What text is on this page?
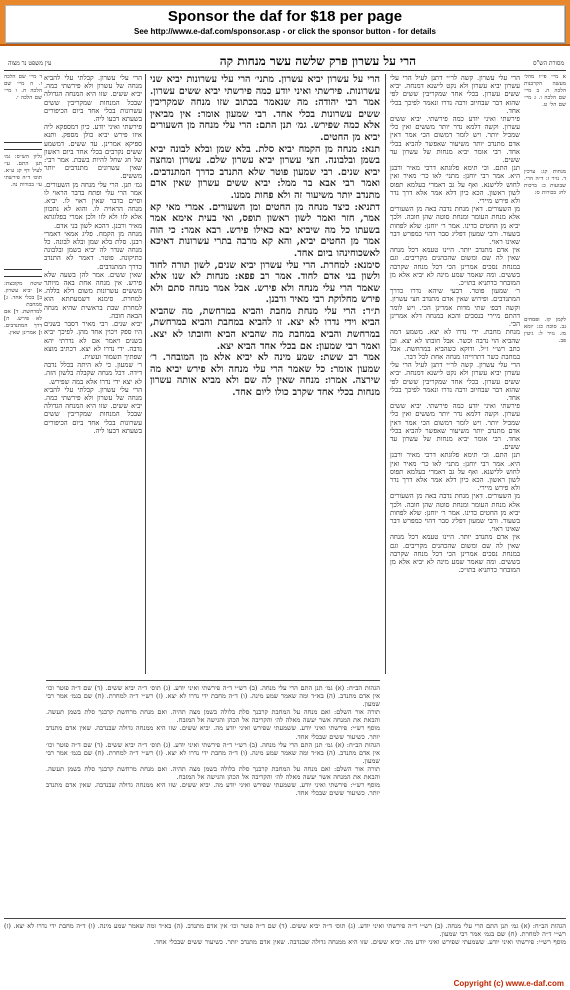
Sponsor the daf for $18 per page
See http://www.e-daf.com/sponsor.asp - or click the sponsor button - for details
הרי על עשרון פרק שלשה עשר מנחות קה	מסורת הש"ס
עין משפט נר מצוה

א מיי׳ פי״ז מהל׳ מעשה הקרבנות הלכה ה. ב מיי׳ שם הלכה ו. ג מיי׳ שם הל׳ ט.

מנחות קג: ערכין ד. נזיר ז: ד״ה הרי. שבועות כ: ברכות לח: בכורות ס:

לקמן קז. ופסחים נב. סוכה כג: יומא מז. נזיר ל: גיטין פב.

הרי עלי עשרון. קשה לר״י דתנן לעיל הרי עלי עשרון יביא עשרון ולא נקט לישנא דמנחה. יביא ששים עשרון. בכלי אחד שמקריבין ששים לפי שהוא דבר שבחיוב ורבה נדרו ונאמר לפיכך בכלי אחד.

פירשתי ואיני יודע כמה פירשתי. יביא ששים עשרון. וקשה דלמא נדר יותר מששים ואין כלי שמכיל יותר. ויש לומר דמשום הכי אמר דאין אדם מתנדב יותר משיעור שאפשר להביא בכלי אחד. רבי אומר יביא מנחות של עשרון עד ששים.

תנן התם. וכי תימא פלוגתא דרבי מאיר ורבנן היא. אמר רבי יוחנן: מתני׳ לאו כר׳ מאיר ואין לחוש ללישנא. ואף על גב דאמרי בעלמא תפוס לשון ראשון. הכא כיון דלא אמר אלא דרך נדר ולא פירש מיירי.

מן השעורים. דאין מנחת נדבה באה מן השעורים אלא מנחת העומר ומנחת סוטה שהן חובה. ולכך יביא מן החטים כדינו. אמר ר׳ יוחנן: שלא לפחות בשעור. ורבי שמעון דפליג סבר דהוי כמפרש דבר שאינו ראוי.

אין אדם מתנדב יותר. היינו טעמא דכל מנחה שאין לה שם ומשום שהכהנים מקריבים. וגם במנחת נסכים אמרינן הכי דכל מנחה שקרבה בששים. ומה שאמר שמע מינה לא יביא אלא מן המובחר כדתניא בתו״כ.

ר׳ שמעון פוטר. דבעי שיהא נדרו כדרך המתנדבים. ופירוש שאין אדם מתנדב חצי עשרון. וקשה דבפ׳ שתי מדות אמרינן הכי. ויש לומר דהתם מיירי בנסכים והכא במנחה דלא אמרינן הכי.

מנחת מחבת. ידי נדרו לא יצא. משמע דמה שהביא הוי נדבה וכשר. אבל חובתו לא יצא. וכן כתב רש״י ז״ל. ודוקא כשהביא במרחשת. אבל במחבת כשר דתרוייהו מנחה אחת לכל דבר.

הרי עלי עשרון. קשה לר״י דתנן לעיל הרי עלי עשרון יביא עשרון ולא נקט לישנא דמנחה. יביא ששים עשרון. בכלי אחד שמקריבין ששים לפי שהוא דבר שבחיוב ורבה נדרו ונאמר לפיכך בכלי אחד.

פירשתי ואיני יודע כמה פירשתי. יביא ששים עשרון. וקשה דלמא נדר יותר מששים ואין כלי שמכיל יותר. ויש לומר דמשום הכי אמר דאין אדם מתנדב יותר משיעור שאפשר להביא בכלי אחד. רבי אומר יביא מנחות של עשרון עד ששים.

תנן התם. וכי תימא פלוגתא דרבי מאיר ורבנן היא. אמר רבי יוחנן: מתני׳ לאו כר׳ מאיר ואין לחוש ללישנא. ואף על גב דאמרי בעלמא תפוס לשון ראשון. הכא כיון דלא אמר אלא דרך נדר ולא פירש מיירי.

מן השעורים. דאין מנחת נדבה באה מן השעורים אלא מנחת העומר ומנחת סוטה שהן חובה. ולכך יביא מן החטים כדינו. אמר ר׳ יוחנן: שלא לפחות בשעור. ורבי שמעון דפליג סבר דהוי כמפרש דבר שאינו ראוי.

אין אדם מתנדב יותר. היינו טעמא דכל מנחה שאין לה שם ומשום שהכהנים מקריבים. וגם במנחת נסכים אמרינן הכי דכל מנחה שקרבה בששים. ומה שאמר שמע מינה לא יביא אלא מן המובחר כדתניא בתו״כ.

הרי על עשרון יביא עשרון. מתני׳ הרי עלי עשרונות יביא שני עשרונות. פירשתי ואיני יודע כמה פירשתי יביא ששים עשרון. אמר רבי יהודה: מה שנאמר בכתוב שזו מנחה שמקריבין ששים עשרונות בכלי אחד. רבי שמעון אומר: אין מביאין אלא כמה שפירש. גמ׳ תנן התם: הרי עלי מנחה מן השעורים יביא מן החטים.

תנא: מנחה מן הקמח יביא סלת. בלא שמן ובלא לבונה יביא בשמן ובלבונה. חצי עשרון יביא עשרון שלם. עשרון ומחצה יביא שנים. רבי שמעון פוטר שלא התנדב כדרך המתנדבים. ואמר רבי אבא בר ממל: יביא ששים עשרון שאין אדם מתנדב יותר משיעור זה ולא פחות ממנו.

דתניא: כיצד מנחה מן החטים ומן השעורים. אמרי מאי קא אמר, חזר ואמר לשון ראשון תופס, ואי בעית אימא אמר בשעתו כל מה שיביא יבא כאילו פירש. רבא אמר: כי הוה אמר מן החטים יביא, והא קא מרבה בתרי עשרונות דאיכא לאשכוחינהו ביום אחד.

סימנא: למחרת. הרי עלי עשרון יביא שנים, לשון תורה לחוד ולשון בני אדם לחוד. אמר רב פפא: מנחות לא שנו אלא שאמר הרי עלי מנחה ולא פירש. אבל אמר מנחה סתם ולא פירש מחלוקת רבי מאיר ורבנן.

ת״ר: הרי עלי מנחת מחבת והביא במרחשת, מה שהביא הביא וידי נדרו לא יצא. זו להביא במחבת והביא במרחשת, במרחשת והביא במחבת מה שהביא הביא וחובתו לא יצא. ואמר רבי שמעון: אם בכלי אחד הביא יצא.

אמר רב ששת: שמע מינה לא יביא אלא מן המובחר. ר׳ שמעון אומר: כל שאמר הרי עלי מנחה ולא פירש יביא מה שירצה. אמרו: מנחה שאין לה שם ולא מביא אותה עשרון מנחות בכלי אחד שקרב כולו ליום אחד.

הרי עלי עשרון. קבלתי עלי להביא מנחה של עשרון ולא פירשתי כמה. יביא ששים. שזו היא המנחה הגדולה שבכל המנחות שמקריבין ששים עשרונות בכלי אחד ביום הכיפורים בשעתא דבעו ליה.

פירשתי ואיני יודע. כיון דמספקא ליה איזו פירש יביא כולן מספק. ותנא ספיקא אמרינן. עד ששים. דמשמע ששים נקרבים בכלי אחד ביום ראשון של חג שחל להיות בשבת. אמר רבי: שאין עשרונים מתנדבים יותר מששים.

גמ׳ תנן. הרי עלי מנחה מן השעורים. אמר הרי עלי ופתח בדבר הראוי לו וסיים בדבר שאין ראוי לו. יביא. מנחה הראויה לו. והוא לא נתכוון אלא לזו ולא לזו ולכן אמרי בפלוגתא מאיר ורבנן. דהכא לשון בני אדם.

מנחה מן הקמח. פליג אמאי דאמרי רבנן. סלת בלא שמן ובלא לבונה. כל מנחה שנדר לה יביא בשמן ובלבונה כתיקונה. פוטר. דאמר לא התנדב כדרך המתנדבים.

שאין ששים. אמר להן בשעה שלא פירש. אין מנחה אחת באה מיותר מששים עשרונות משום דלא בללה. למחרת. סימנא דשמעתתא הוא למחרת שבת בראשית שהיא מנחה הבאה חובה.

יביא שנים. רבי מאיר דסבר בשנים היו ספק ויכוין אחד מהן. לפיכך יביא בשנים ויאמר אם לא נדרתי יהא נדבה. ידי נדרו לא יצא. דכתיב מוצא שפתיך תשמור ועשית.

ר׳ שמעון. כי לא היתה בכלל נדבה דידה. דכל מנחה שקבלה בלשון הזה. לא יצא ידי נדרו אלא במה שפירש.

הרי עלי עשרון. קבלתי עלי להביא מנחה של עשרון ולא פירשתי כמה. יביא ששים. שזו היא המנחה הגדולה שבכל המנחות שמקריבין ששים עשרונות בכלי אחד ביום הכיפורים בשעתא דבעו ליה.

ד מיי׳ שם הלכה ז. ה מיי׳ שם הלכה ח. ו מיי׳ שם הלכה י.

גליון הש״ס: גמ׳ תנן התם. עי׳ לעיל דף קג ע״א. תוס׳ ד״ה פירשתי עי׳ בכורות נה.

שיטה מקובצת: א] יביא עשרון. ב] בכלי אחד. ג] ממחבת למרחשת. ד] אם לא פירש. ה] דרך המתנדבים. ו] אמרינן שאין.

הגהות הב״ח: (א) גמ׳ תנן התם הרי עלי מנחה. (ב) רש״י ד״ה פירשתי ואיני יודע. (ג) תוס׳ ד״ה יביא ששים. (ד) שם ד״ה פוטר וכו׳ אין אדם מתנדב. (ה) בא״ד ומה שאמר שמע מינה. (ו) ד״ה מחבת ידי נדרו לא יצא. (ז) רש״י ד״ה למחרת. (ח) שם בגמ׳ אמר רבי שמעון.

תורה אור השלם: ואם מנחה על המחבת קרבנך סלת בלולה בשמן מצה תהיה. ואם מנחת מרחשת קרבנך סלת בשמן תעשה. והבאת את המנחה אשר יעשה מאלה לה׳ והקריבה אל הכהן והגישה אל המזבח.

מוסף רש״י: פירשתי ואיני יודע. ששמעתי שפירש ואיני יודע מה. יביא ששים. שזו היא ממנחה גדולה שבנדבה. שאין אדם מתנדב יותר. כשיעור ששים שבכלי אחד.

הגהות הב״ח: (א) גמ׳ תנן התם הרי עלי מנחה. (ב) רש״י ד״ה פירשתי ואיני יודע. (ג) תוס׳ ד״ה יביא ששים. (ד) שם ד״ה פוטר וכו׳ אין אדם מתנדב. (ה) בא״ד ומה שאמר שמע מינה. (ו) ד״ה מחבת ידי נדרו לא יצא. (ז) רש״י ד״ה למחרת. (ח) שם בגמ׳ אמר רבי שמעון.

תורה אור השלם: ואם מנחה על המחבת קרבנך סלת בלולה בשמן מצה תהיה. ואם מנחת מרחשת קרבנך סלת בשמן תעשה. והבאת את המנחה אשר יעשה מאלה לה׳ והקריבה אל הכהן והגישה אל המזבח.

מוסף רש״י: פירשתי ואיני יודע. ששמעתי שפירש ואיני יודע מה. יביא ששים. שזו היא ממנחה גדולה שבנדבה. שאין אדם מתנדב יותר. כשיעור ששים שבכלי אחד.

הגהות הב״ח: (א) גמ׳ תנן התם הרי עלי מנחה. (ב) רש״י ד״ה פירשתי ואיני יודע. (ג) תוס׳ ד״ה יביא ששים. (ד) שם ד״ה פוטר וכו׳ אין אדם מתנדב. (ה) בא״ד ומה שאמר שמע מינה. (ו) ד״ה מחבת ידי נדרו לא יצא. (ז) רש״י ד״ה למחרת. (ח) שם בגמ׳ אמר רבי שמעון.

מוסף רש״י: פירשתי ואיני יודע. ששמעתי שפירש ואיני יודע מה. יביא ששים. שזו היא ממנחה גדולה שבנדבה. שאין אדם מתנדב יותר. כשיעור ששים שבכלי אחד.

Copyright (c) www.e-daf.com
